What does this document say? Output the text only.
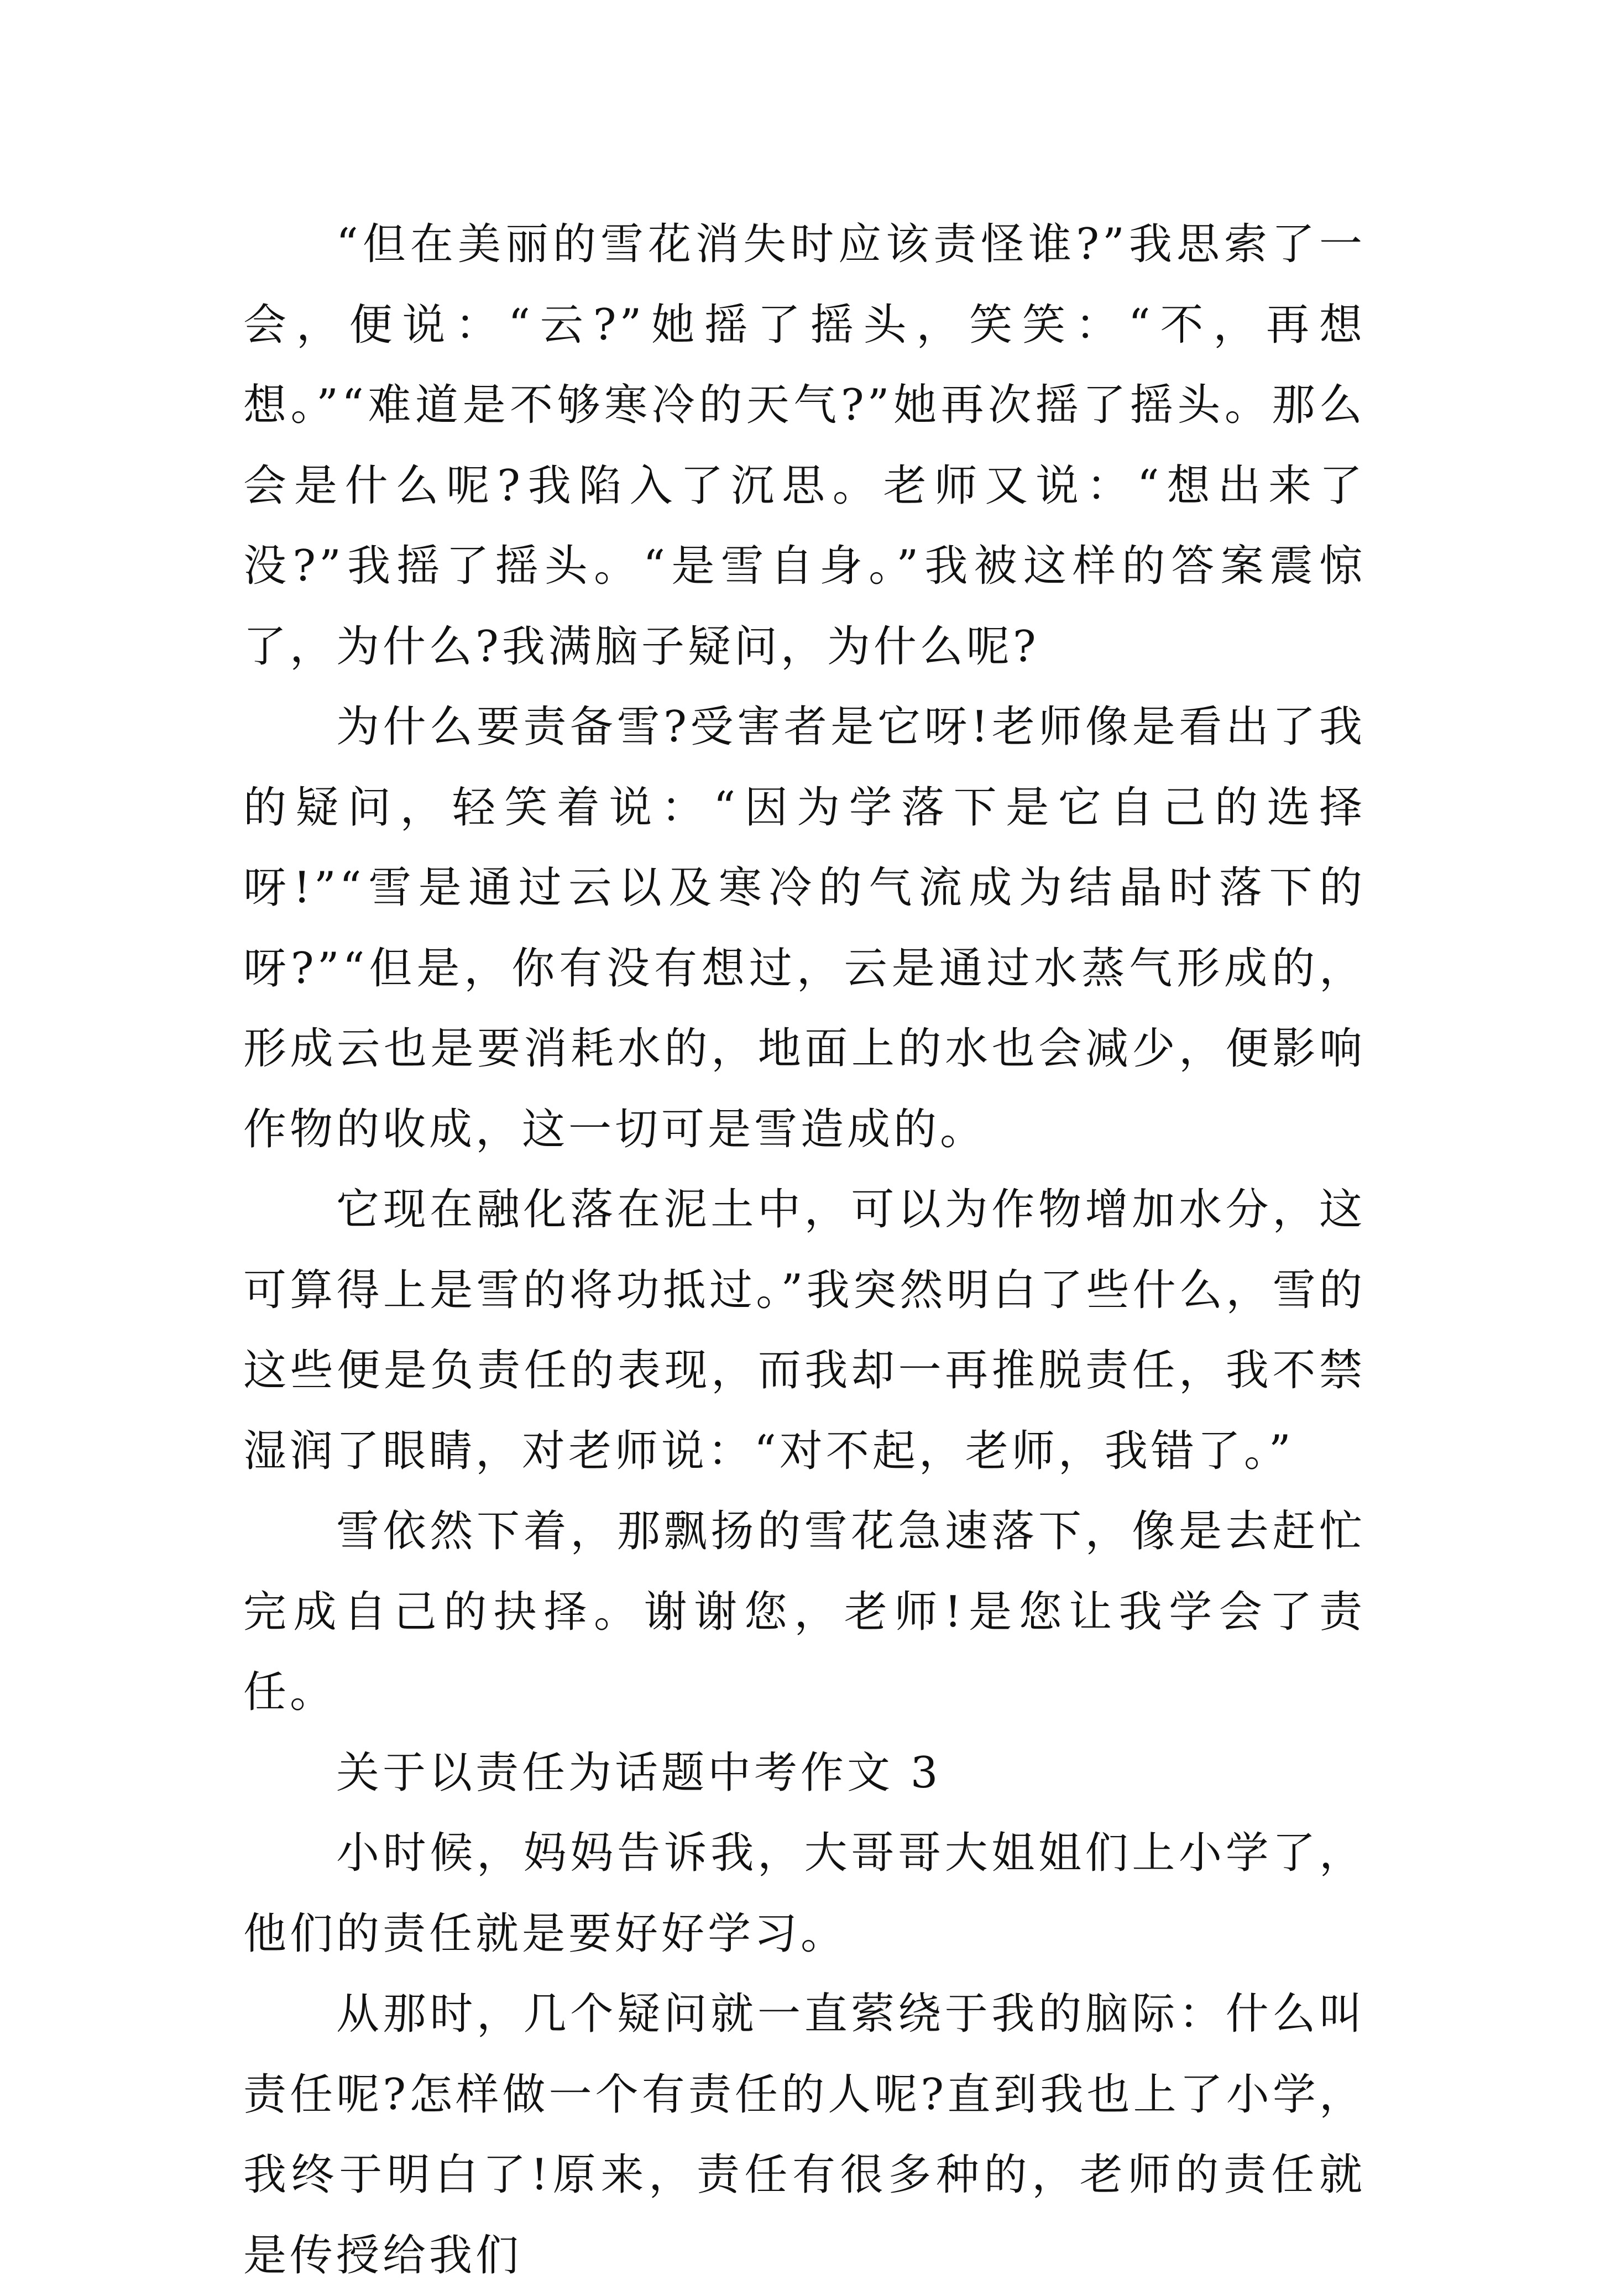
“但在美丽的雪花消失时应该责怪谁?”我思索了一会，便说：“云?”她摇了摇头，笑笑：“不，再想想。”“难道是不够寒冷的天气?”她再次摇了摇头。那么会是什么呢?我陷入了沉思。老师又说：“想出来了没?”我摇了摇头。“是雪自身。”我被这样的答案震惊了，为什么?我满脑子疑问，为什么呢?

为什么要责备雪?受害者是它呀!老师像是看出了我的疑问，轻笑着说：“因为学落下是它自己的选择呀!”“雪是通过云以及寒冷的气流成为结晶时落下的呀?”“但是，你有没有想过，云是通过水蒸气形成的，形成云也是要消耗水的，地面上的水也会减少，便影响作物的收成，这一切可是雪造成的。

它现在融化落在泥土中，可以为作物增加水分，这可算得上是雪的将功抵过。”我突然明白了些什么，雪的这些便是负责任的表现，而我却一再推脱责任，我不禁湿润了眼睛，对老师说：“对不起，老师，我错了。”

雪依然下着，那飘扬的雪花急速落下，像是去赶忙完成自己的抉择。谢谢您，老师!是您让我学会了责任。

关于以责任为话题中考作文 3

小时候，妈妈告诉我，大哥哥大姐姐们上小学了，他们的责任就是要好好学习。

从那时，几个疑问就一直萦绕于我的脑际：什么叫责任呢?怎样做一个有责任的人呢?直到我也上了小学，我终于明白了!原来，责任有很多种的，老师的责任就是传授给我们
